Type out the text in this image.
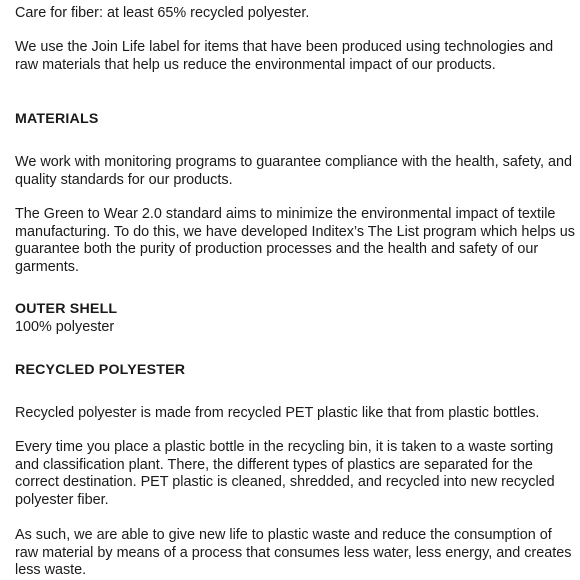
Care for fiber: at least 65% recycled polyester.

We use the Join Life label for items that have been produced using technologies and raw materials that help us reduce the environmental impact of our products.

MATERIALS

We work with monitoring programs to guarantee compliance with the health, safety, and quality standards for our products.

The Green to Wear 2.0 standard aims to minimize the environmental impact of textile manufacturing. To do this, we have developed Inditex’s The List program which helps us guarantee both the purity of production processes and the health and safety of our garments.

OUTER SHELL

100% polyester

RECYCLED POLYESTER

Recycled polyester is made from recycled PET plastic like that from plastic bottles.

Every time you place a plastic bottle in the recycling bin, it is taken to a waste sorting and classification plant. There, the different types of plastics are separated for the correct destination. PET plastic is cleaned, shredded, and recycled into new recycled polyester fiber.

As such, we are able to give new life to plastic waste and reduce the consumption of raw material by means of a process that consumes less water, less energy, and creates less waste.
